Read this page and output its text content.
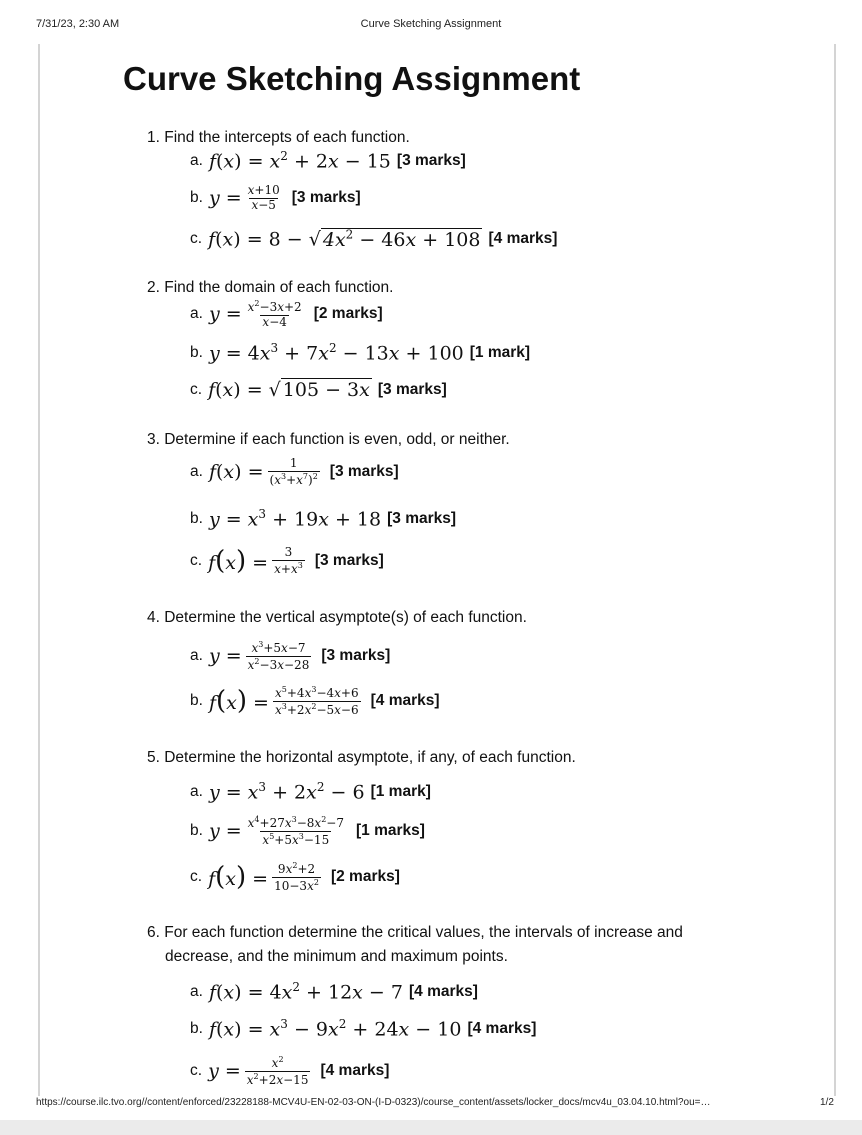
7/31/23, 2:30 AM	Curve Sketching Assignment
Curve Sketching Assignment
1. Find the intercepts of each function.
a. $f(x) = x^2 + 2x - 15$ [3 marks]
b. $y = \frac{x+10}{x-5} [3$ marks]
c. f(x) = 8 − √ $4x^2 - 46x + 108$ [4 marks]
2. Find the domain of each function.
a. $y = \frac{x^2-3x+2}{x-4} [2$ marks]
b. $y = 4x^3 + 7x^2 - 13x + 100$ [1 mark]
c. f(x) = √ 105 − 3x [3 marks]
3. Determine if each function is even, odd, or neither.
a. $f(x) = \frac{1}{(x^3+x^7)^2} [3$ marks]
b. $y = x^3 + 19x + 18$ [3 marks]
c. $f(x) = \frac{3}{x+x^3} [3$ marks]
4. Determine the vertical asymptote(s) of each function.
a. $y = \frac{x^3+5x-7}{x^2-3x-28} [3$ marks]
b. $f(x) = \frac{x^5+4x^3-4x+6}{x^3+2x^2-5x-6} [4$ marks]
5. Determine the horizontal asymptote, if any, of each function.
a. $y = x^3 + 2x^2 - 6$ [1 mark]
b. $y = \frac{x^4+27x^3-8x^2-7}{x^5+5x^3-15} [1$ marks]
c. $f(x) = \frac{9x^2+2}{10-3x^2} [2$ marks]
6. For each function determine the critical values, the intervals of increase and decrease, and the minimum and maximum points.
a. $f(x) = 4x^2 + 12x - 7$ [4 marks]
b. $f(x) = x^3 - 9x^2 + 24x - 10$ [4 marks]
c. $y = \frac{x^2}{x^2+2x-15} [4$ marks]
https://course.ilc.tvo.org//content/enforced/23228188-MCV4U-EN-02-03-ON-(I-D-0323)/course_content/assets/locker_docs/mcv4u_03.04.10.html?ou=…	1/2
